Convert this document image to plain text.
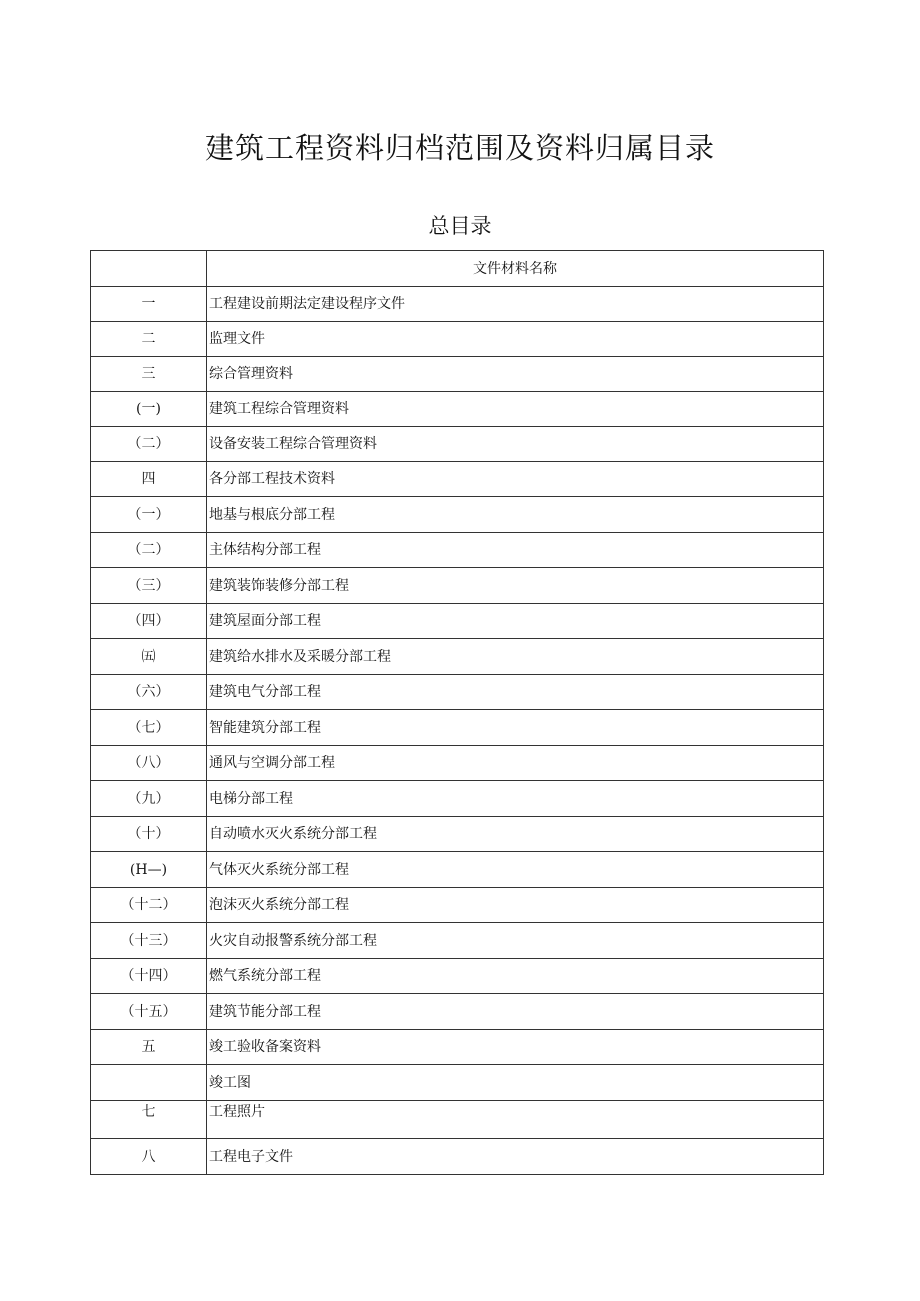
建筑工程资料归档范围及资料归属目录
总目录
	文件材料名称
一	工程建设前期法定建设程序文件
二	监理文件
三	综合管理资料
(一)	建筑工程综合管理资料
（二）	设备安装工程综合管理资料
四	各分部工程技术资料
（一）	地基与根底分部工程
（二）	主体结构分部工程
（三）	建筑装饰装修分部工程
（四）	建筑屋面分部工程
㈤	建筑给水排水及采暖分部工程
（六）	建筑电气分部工程
（七）	智能建筑分部工程
（八）	通风与空调分部工程
（九）	电梯分部工程
（十）	自动喷水灭火系统分部工程
(H—)	气体灭火系统分部工程
（十二）	泡沫灭火系统分部工程
（十三）	火灾自动报警系统分部工程
（十四）	燃气系统分部工程
（十五）	建筑节能分部工程
五	竣工验收备案资料
	竣工图
七	工程照片
八	工程电子文件
